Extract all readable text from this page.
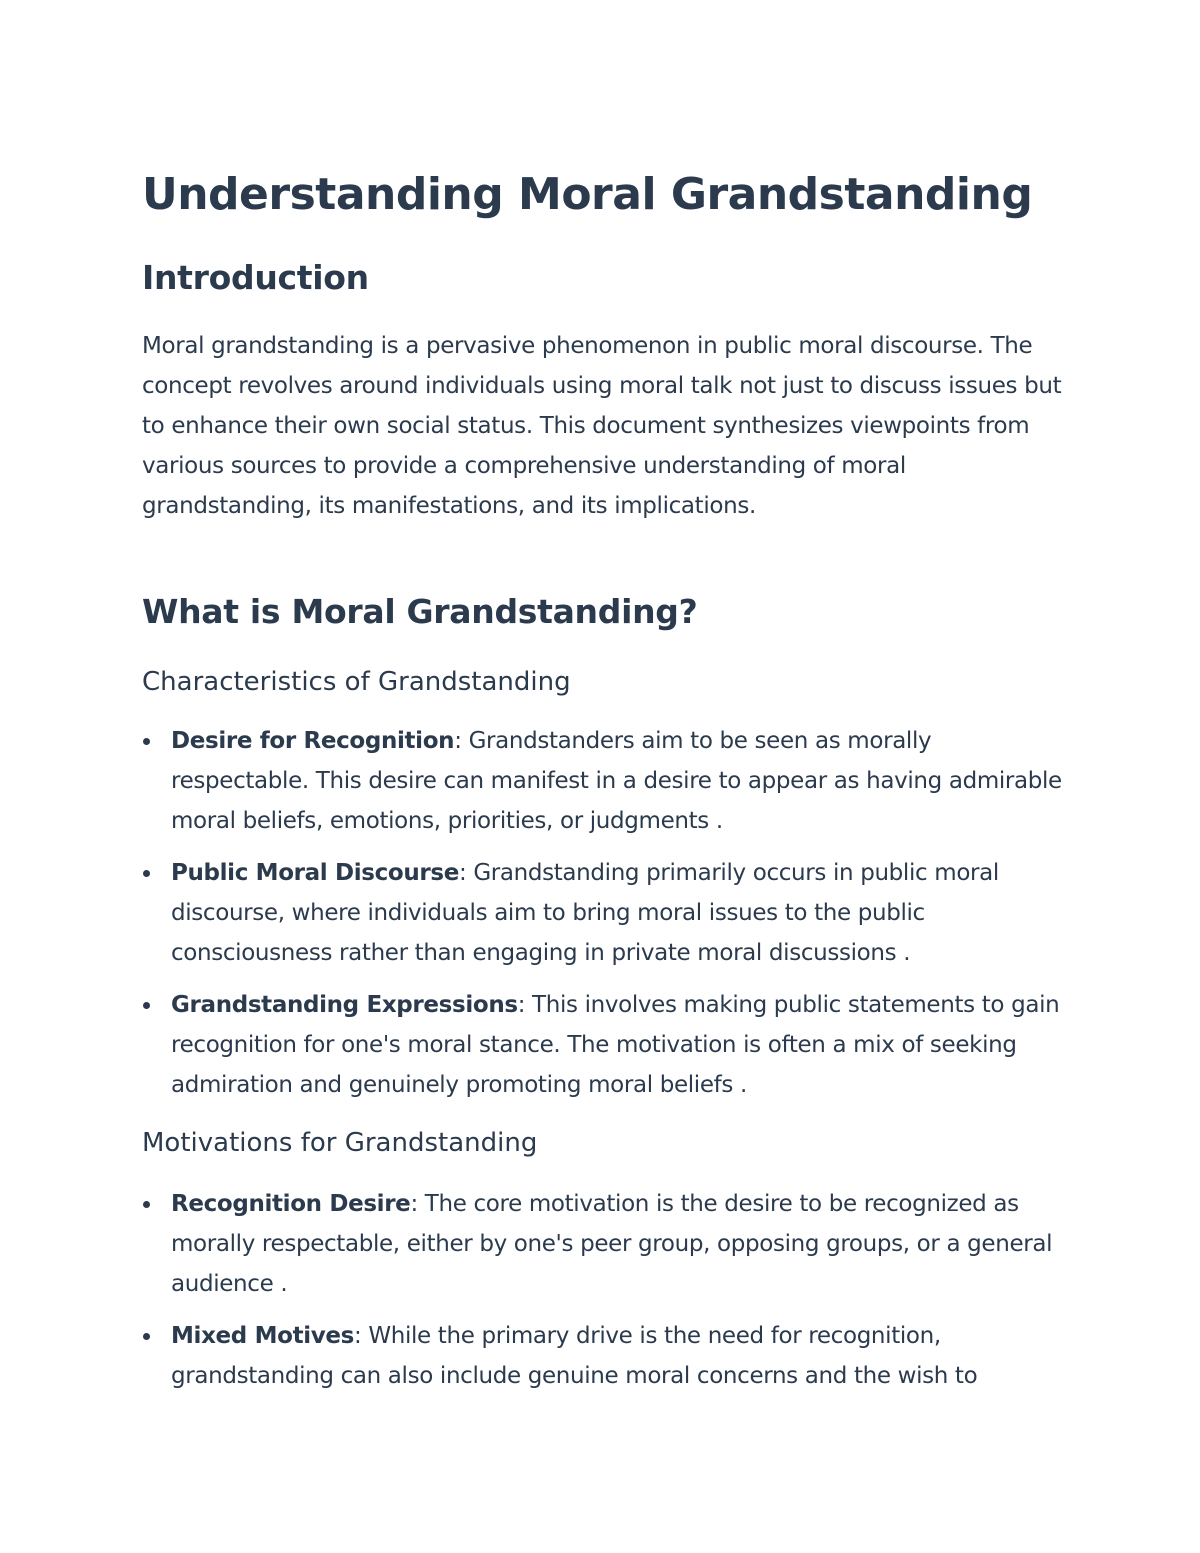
Understanding Moral Grandstanding
Introduction

Moral grandstanding is a pervasive phenomenon in public moral discourse. The concept revolves around individuals using moral talk not just to discuss issues but to enhance their own social status. This document synthesizes viewpoints from various sources to provide a comprehensive understanding of moral grandstanding, its manifestations, and its implications.

What is Moral Grandstanding?
Characteristics of Grandstanding
Desire for Recognition: Grandstanders aim to be seen as morally respectable. This desire can manifest in a desire to appear as having admirable moral beliefs, emotions, priorities, or judgments .
Public Moral Discourse: Grandstanding primarily occurs in public moral discourse, where individuals aim to bring moral issues to the public consciousness rather than engaging in private moral discussions .
Grandstanding Expressions: This involves making public statements to gain recognition for one's moral stance. The motivation is often a mix of seeking admiration and genuinely promoting moral beliefs .
Motivations for Grandstanding
Recognition Desire: The core motivation is the desire to be recognized as morally respectable, either by one's peer group, opposing groups, or a general audience .
Mixed Motives: While the primary drive is the need for recognition, grandstanding can also include genuine moral concerns and the wish to
